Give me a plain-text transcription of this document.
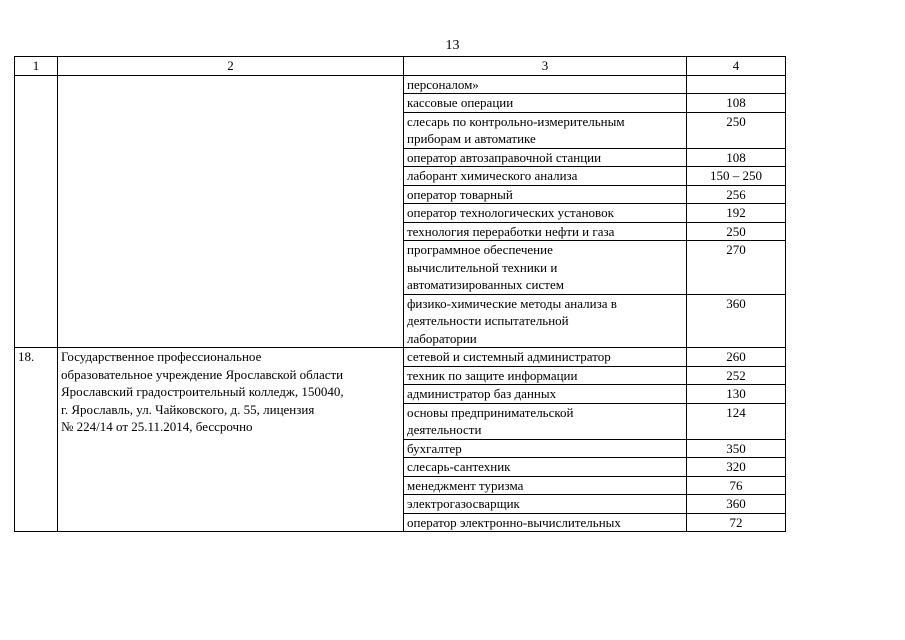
13
1	2	3	4
		персоналом»	
		кассовые операции	108
		слесарь по контрольно-измерительным
приборам и автоматике	250
		оператор автозаправочной станции	108
		лаборант химического анализа	150 – 250
		оператор товарный	256
		оператор технологических установок	192
		технология переработки нефти и газа	250
		программное обеспечение
вычислительной техники и
автоматизированных систем	270
		физико-химические методы анализа в
деятельности испытательной
лаборатории	360
18.	Государственное профессиональное
образовательное учреждение Ярославской области
Ярославский градостроительный колледж, 150040,
г. Ярославль, ул. Чайковского, д. 55, лицензия
№ 224/14 от 25.11.2014, бессрочно	сетевой и системный администратор	260
		техник по защите информации	252
		администратор баз данных	130
		основы предпринимательской
деятельности	124
		бухгалтер	350
		слесарь-сантехник	320
		менеджмент туризма	76
		электрогазосварщик	360
		оператор электронно-вычислительных	72
